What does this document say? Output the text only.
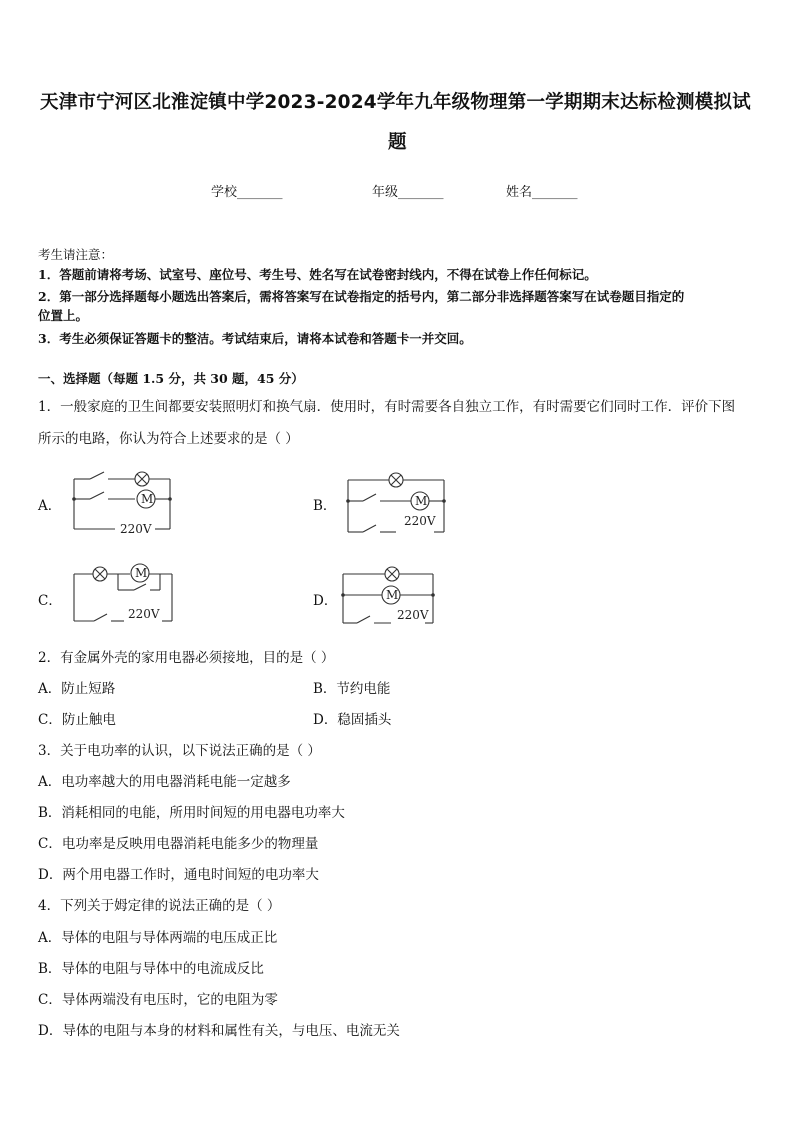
天津市宁河区北淮淀镇中学2023-2024学年九年级物理第一学期期末达标检测模拟试
题
学校_______	年级_______	姓名_______
考生请注意：
1．答题前请将考场、试室号、座位号、考生号、姓名写在试卷密封线内，不得在试卷上作任何标记。
2．第一部分选择题每小题选出答案后，需将答案写在试卷指定的括号内，第二部分非选择题答案写在试卷题目指定的
位置上。
3．考生必须保证答题卡的整洁。考试结束后，请将本试卷和答题卡一并交回。
一、选择题（每题 1.5 分，共 30 题，45 分）
1．一般家庭的卫生间都要安装照明灯和换气扇．使用时，有时需要各自独立工作，有时需要它们同时工作．评价下图
所示的电路，你认为符合上述要求的是（ ）
A．	B．
C．	D．
M
220V
M
220V
M
220V
M
220V
2．有金属外壳的家用电器必须接地，目的是（ ）
A．防止短路	B．节约电能
C．防止触电	D．稳固插头
3．关于电功率的认识，以下说法正确的是（ ）
A．电功率越大的用电器消耗电能一定越多
B．消耗相同的电能，所用时间短的用电器电功率大
C．电功率是反映用电器消耗电能多少的物理量
D．两个用电器工作时，通电时间短的电功率大
4．下列关于姆定律的说法正确的是（ ）
A．导体的电阻与导体两端的电压成正比
B．导体的电阻与导体中的电流成反比
C．导体两端没有电压时，它的电阻为零
D．导体的电阻与本身的材料和属性有关，与电压、电流无关
